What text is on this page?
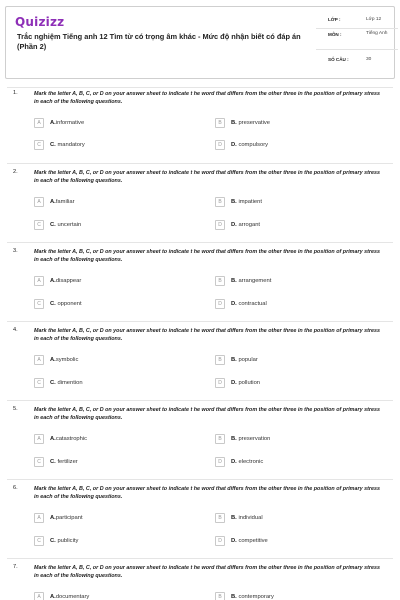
Quizizz
Trắc nghiệm Tiếng anh 12 Tìm từ có trọng âm khác - Mức độ nhận biết có đáp án (Phần 2)
LỚP :	Lớp 12
MÔN :	Tiếng Anh
SỐ CÂU :	30
1.	Mark the letter A, B, C, or D on your answer sheet to indicate t he word that differs from the other three in the position of primary stress in each of the following questions.
A	A.informative	B	B. preservative
C	C. mandatory	D	D. compulsory
2.	Mark the letter A, B, C, or D on your answer sheet to indicate t he word that differs from the other three in the position of primary stress in each of the following questions.
A	A.familiar	B	B. impatient
C	C. uncertain	D	D. arrogant
3.	Mark the letter A, B, C, or D on your answer sheet to indicate t he word that differs from the other three in the position of primary stress in each of the following questions.
A	A.disappear	B	B. arrangement
C	C. opponent	D	D. contractual
4.	Mark the letter A, B, C, or D on your answer sheet to indicate t he word that differs from the other three in the position of primary stress in each of the following questions.
A	A.symbolic	B	B. popular
C	C. dimention	D	D. pollution
5.	Mark the letter A, B, C, or D on your answer sheet to indicate t he word that differs from the other three in the position of primary stress in each of the following questions.
A	A.catastrophic	B	B. preservation
C	C. fertilizer	D	D. electronic
6.	Mark the letter A, B, C, or D on your answer sheet to indicate t he word that differs from the other three in the position of primary stress in each of the following questions.
A	A.participant	B	B. individual
C	C. publicity	D	D. competitive
7.	Mark the letter A, B, C, or D on your answer sheet to indicate t he word that differs from the other three in the position of primary stress in each of the following questions.
A	A.documentary	B	B. contemporary
